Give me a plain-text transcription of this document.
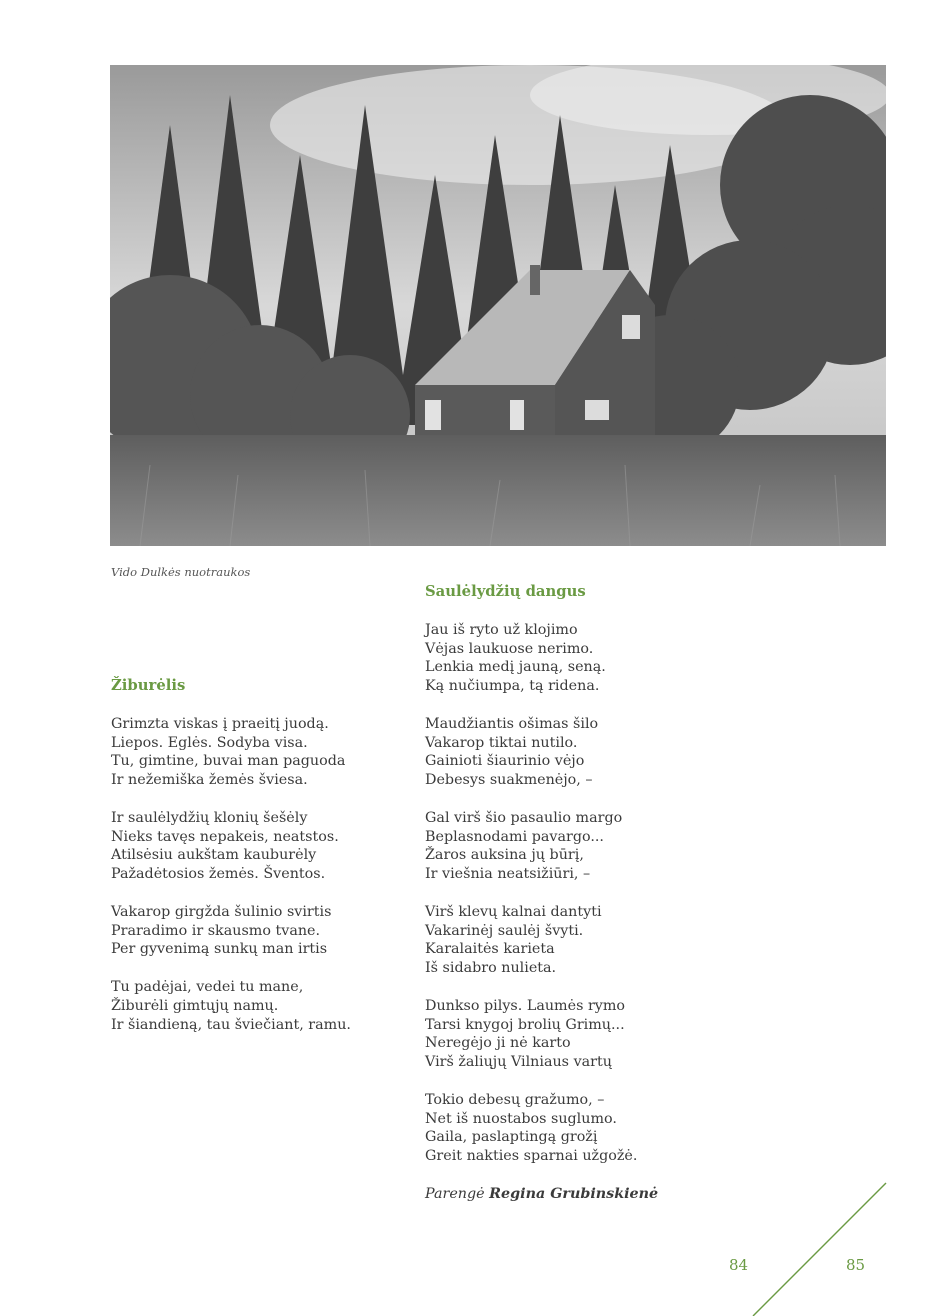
Vido Dulkės nuotraukos
Žiburėlis
Grimzta viskas į praeitį juodą.
Liepos. Eglės. Sodyba visa.
Tu, gimtine, buvai man paguoda
Ir nežemiška žemės šviesa.
Ir saulėlydžių klonių šešėly
Nieks tavęs nepakeis, neatstos.
Atilsėsiu aukštam kauburėly
Pažadėtosios žemės. Šventos.
Vakarop girgžda šulinio svirtis
Praradimo ir skausmo tvane.
Per gyvenimą sunkų man irtis
Tu padėjai, vedei tu mane,
Žiburėli gimtųjų namų.
Ir šiandieną, tau šviečiant, ramu.
Saulėlydžių dangus
Jau iš ryto už klojimo
Vėjas laukuose nerimo.
Lenkia medį jauną, seną.
Ką nučiumpa, tą ridena.
Maudžiantis ošimas šilo
Vakarop tiktai nutilo.
Gainioti šiaurinio vėjo
Debesys suakmenėjo, –
Gal virš šio pasaulio margo
Beplasnodami pavargo...
Žaros auksina jų būrį,
Ir viešnia neatsižiūri, –
Virš klevų kalnai dantyti
Vakarinėj saulėj švyti.
Karalaitės karieta
Iš sidabro nulieta.
Dunkso pilys. Laumės rymo
Tarsi knygoj brolių Grimų...
Neregėjo ji nė karto
Virš žaliųjų Vilniaus vartų
Tokio debesų gražumo, –
Net iš nuostabos suglumo.
Gaila, paslaptingą grožį
Greit nakties sparnai užgožė.
Parengė Regina Grubinskienė
84	85
